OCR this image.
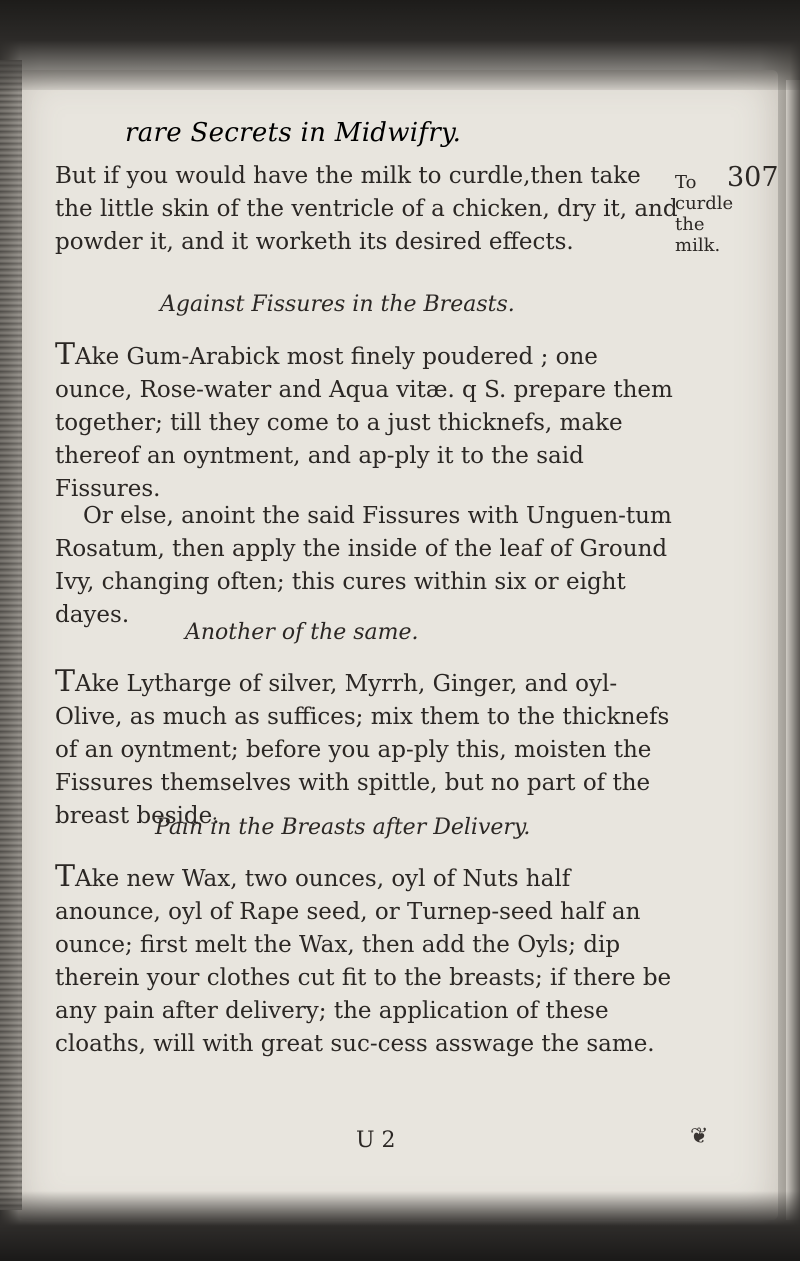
rare Secrets in Midwifry.
307
To curdle the milk.
But if you would have the milk to curdle,then take the little skin of the ventricle of a chicken, dry it, and powder it, and it worketh its desired effects.
Against Fissures in the Breasts.
TAke Gum-Arabick most finely poudered ; one ounce, Rose-water and Aqua vitæ. q S. prepare them together; till they come to a just thicknefs, make thereof an oyntment, and ap-ply it to the said Fissures.
Or else, anoint the said Fissures with Unguen-tum Rosatum, then apply the inside of the leaf of Ground Ivy, changing often; this cures within six or eight dayes.
Another of the same.
TAke Lytharge of silver, Myrrh, Ginger, and oyl-Olive, as much as suffices; mix them to the thicknefs of an oyntment; before you ap-ply this, moisten the Fissures themselves with spittle, but no part of the breast beside.
Pain in the Breasts after Delivery.
TAke new Wax, two ounces, oyl of Nuts half anounce, oyl of Rape seed, or Turnep-seed half an ounce; first melt the Wax, then add the Oyls; dip therein your clothes cut fit to the breasts; if there be any pain after delivery; the application of these cloaths, will with great suc-cess asswage the same.
U 2	❦
